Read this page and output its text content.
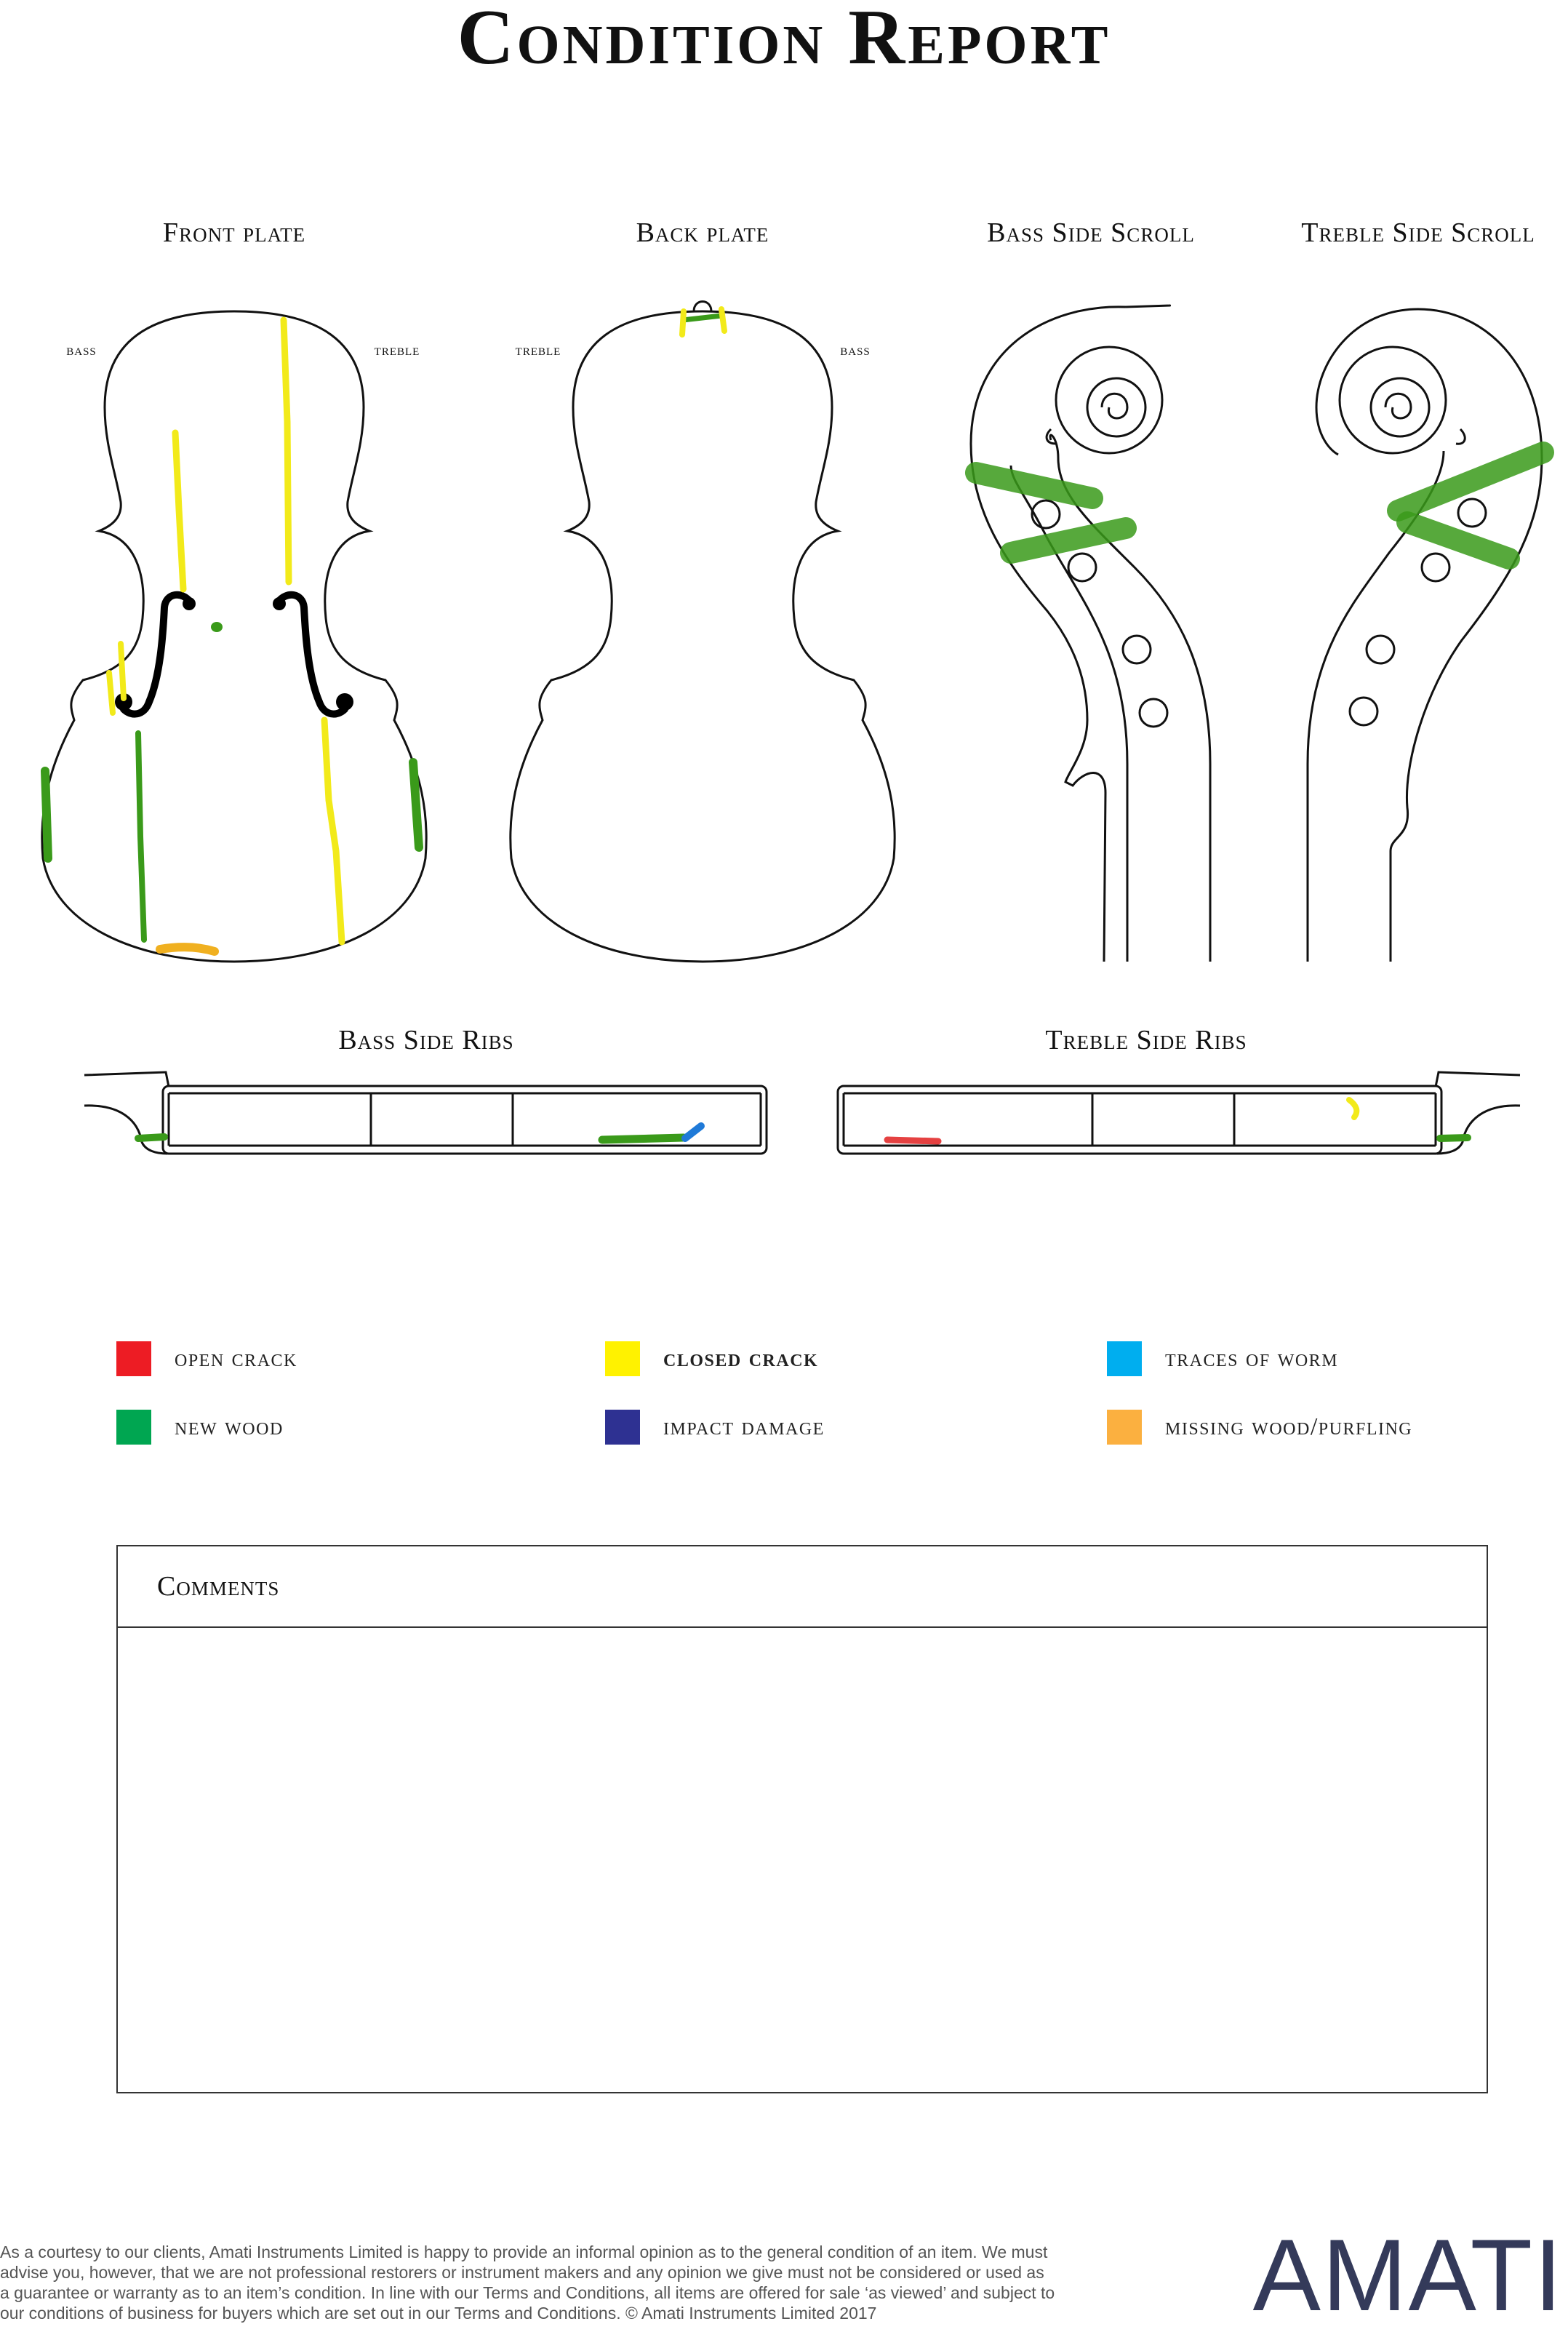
Condition Report
Front plate	Back plate	Bass Side Scroll	Treble Side Scroll
Bass Side Ribs	Treble Side Ribs
bass	treble	treble	bass
open crack	closed crack	traces of worm
new wood	impact damage	missing wood/purfling
Comments
As a courtesy to our clients, Amati Instruments Limited is happy to provide an informal opinion as to the general condition of an item. We must
advise you, however, that we are not professional restorers or instrument makers and any opinion we give must not be considered or used as
a guarantee or warranty as to an item’s condition. In line with our Terms and Conditions, all items are offered for sale ‘as viewed’ and subject to
our conditions of business for buyers which are set out in our Terms and Conditions. © Amati Instruments Limited 2017	AMATI
